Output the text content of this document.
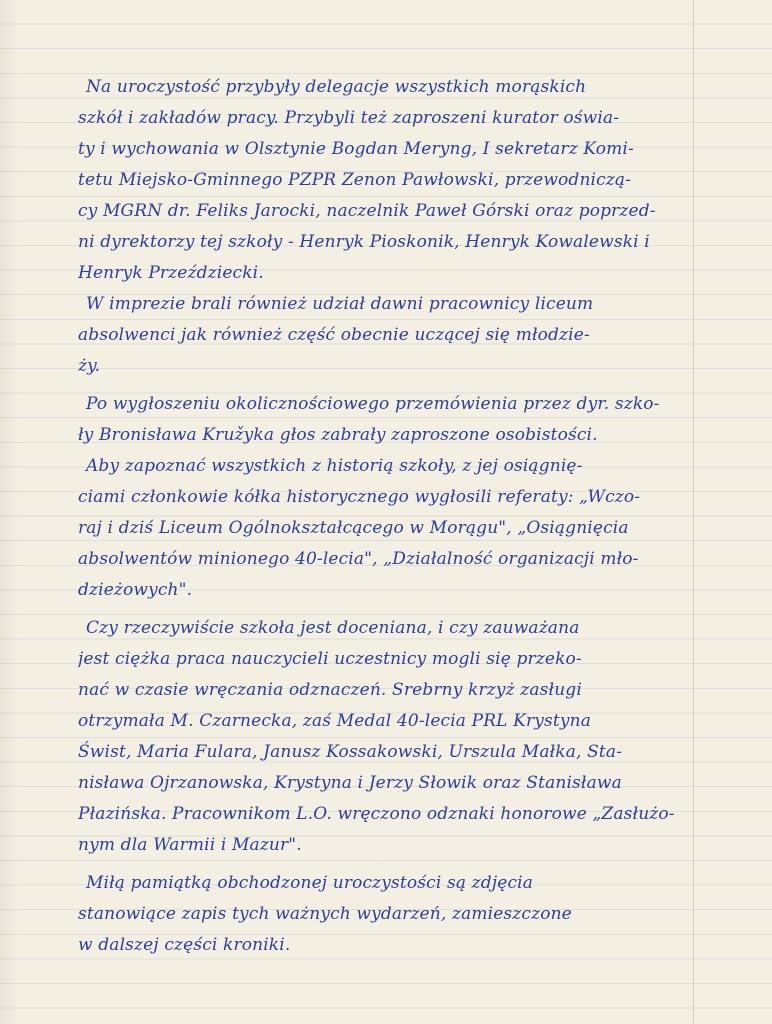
Na uroczystość przybyły delegacje wszystkich morąskich
szkół i zakładów pracy. Przybyli też zaproszeni kurator oświa-
ty i wychowania w Olsztynie Bogdan Meryng, I sekretarz Komi-
tetu Miejsko-Gminnego PZPR Zenon Pawłowski, przewodniczą-
cy MGRN dr. Feliks Jarocki, naczelnik Paweł Górski oraz poprzed-
ni dyrektorzy tej szkoły - Henryk Pioskonik, Henryk Kowalewski i
Henryk Przeździecki.
W imprezie brali również udział dawni pracownicy liceum
absolwenci jak również część obecnie uczącej się młodzie-
ży.
Po wygłoszeniu okolicznościowego przemówienia przez dyr. szko-
ły Bronisława Kružyka głos zabrały zaproszone osobistości.
Aby zapoznać wszystkich z historią szkoły, z jej osiągnię-
ciami członkowie kółka historycznego wygłosili referaty: „Wczo-
raj i dziś Liceum Ogólnokształcącego w Morągu", „Osiągnięcia
absolwentów minionego 40-lecia", „Działalność organizacji mło-
dzieżowych".
Czy rzeczywiście szkoła jest doceniana, i czy zauważana
jest ciężka praca nauczycieli uczestnicy mogli się przeko-
nać w czasie wręczania odznaczeń. Srebrny krzyż zasługi
otrzymała M. Czarnecka, zaś Medal 40-lecia PRL Krystyna
Świst, Maria Fulara, Janusz Kossakowski, Urszula Małka, Sta-
nisława Ojrzanowska, Krystyna i Jerzy Słowik oraz Stanisława
Płazińska. Pracownikom L.O. wręczono odznaki honorowe „Zasłużo-
nym dla Warmii i Mazur".
Miłą pamiątką obchodzonej uroczystości są zdjęcia
stanowiące zapis tych ważnych wydarzeń, zamieszczone
w dalszej części kroniki.
